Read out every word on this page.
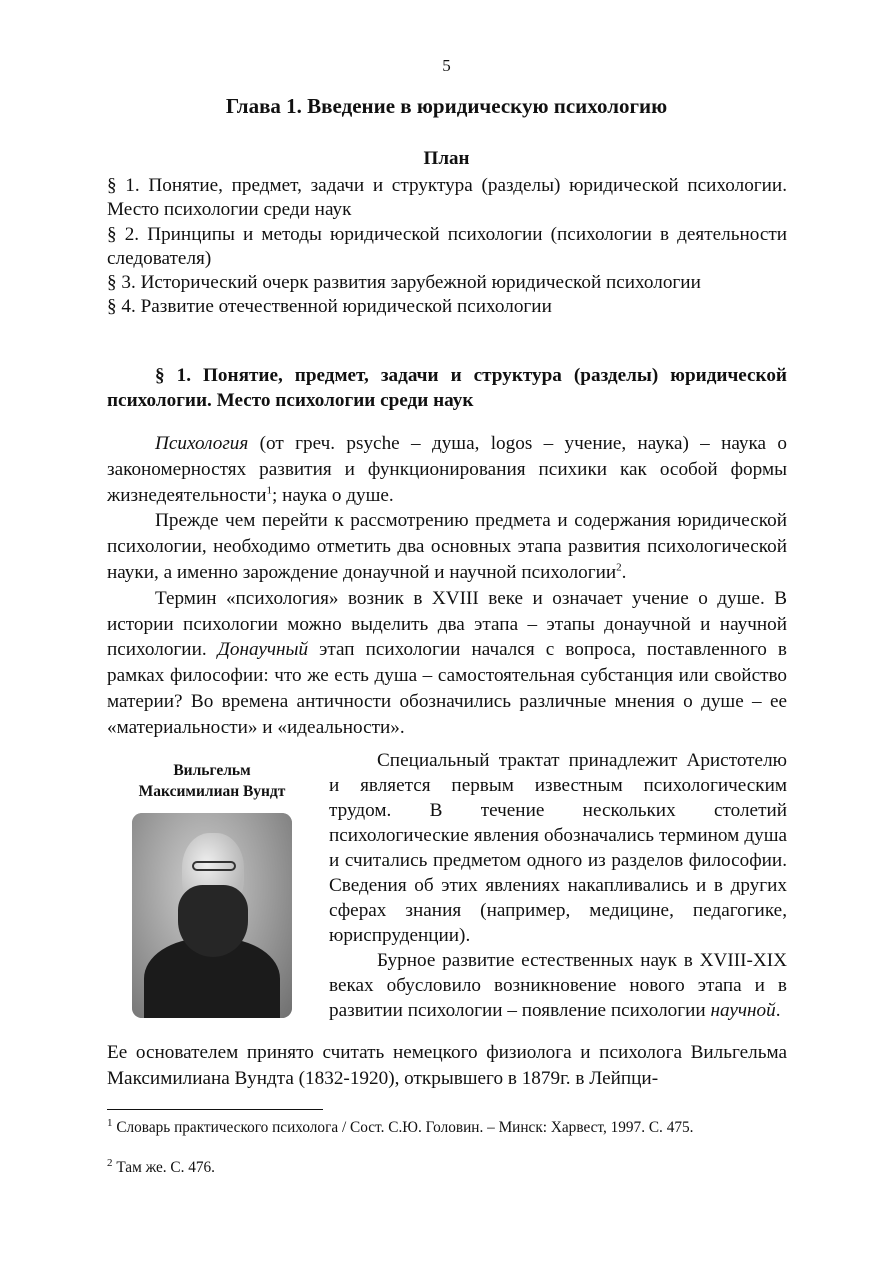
5
Глава 1. Введение в юридическую психологию
План
§ 1. Понятие, предмет, задачи и структура (разделы) юридической психологии. Место психологии среди наук
§ 2. Принципы и методы юридической психологии (психологии в деятельности следователя)
§ 3. Исторический очерк развития зарубежной юридической психологии
§ 4. Развитие отечественной юридической психологии
§ 1. Понятие, предмет, задачи и структура (разделы) юридической психологии. Место психологии среди наук

Психология (от греч. psyche – душа, logos – учение, наука) – наука о закономерностях развития и функционирования психики как особой формы жизнедеятельности$^1$; наука о душе.

Прежде чем перейти к рассмотрению предмета и содержания юридической психологии, необходимо отметить два основных этапа развития психологической науки, а именно зарождение донаучной и научной психологии$^2$.

Термин «психология» возник в XVIII веке и означает учение о душе. В истории психологии можно выделить два этапа – этапы донаучной и научной психологии. Донаучный этап психологии начался с вопроса, поставленного в рамках философии: что же есть душа – самостоятельная субстанция или свойство материи? Во времена античности обозначились различные мнения о душе – ее «материальности» и «идеальности».

Вильгельм
Максимилиан Вундт

Специальный трактат принадлежит Аристотелю и является первым известным психологическим трудом. В течение нескольких столетий психологические явления обозначались термином душа и считались предметом одного из разделов философии. Сведения об этих явлениях накапливались и в других сферах знания (например, медицине, педагогике, юриспруденции).

Бурное развитие естественных наук в XVIII-XIX веках обусловило возникновение нового этапа и в развитии психологии – появление психологии научной.

Ее основателем принято считать немецкого физиолога и психолога Вильгельма Максимилиана Вундта (1832-1920), открывшего в 1879г. в Лейпци-

$^1$ Словарь практического психолога / Сост. С.Ю. Головин. – Минск: Харвест, 1997. С. 475.
$^2$ Там же. С. 476.
